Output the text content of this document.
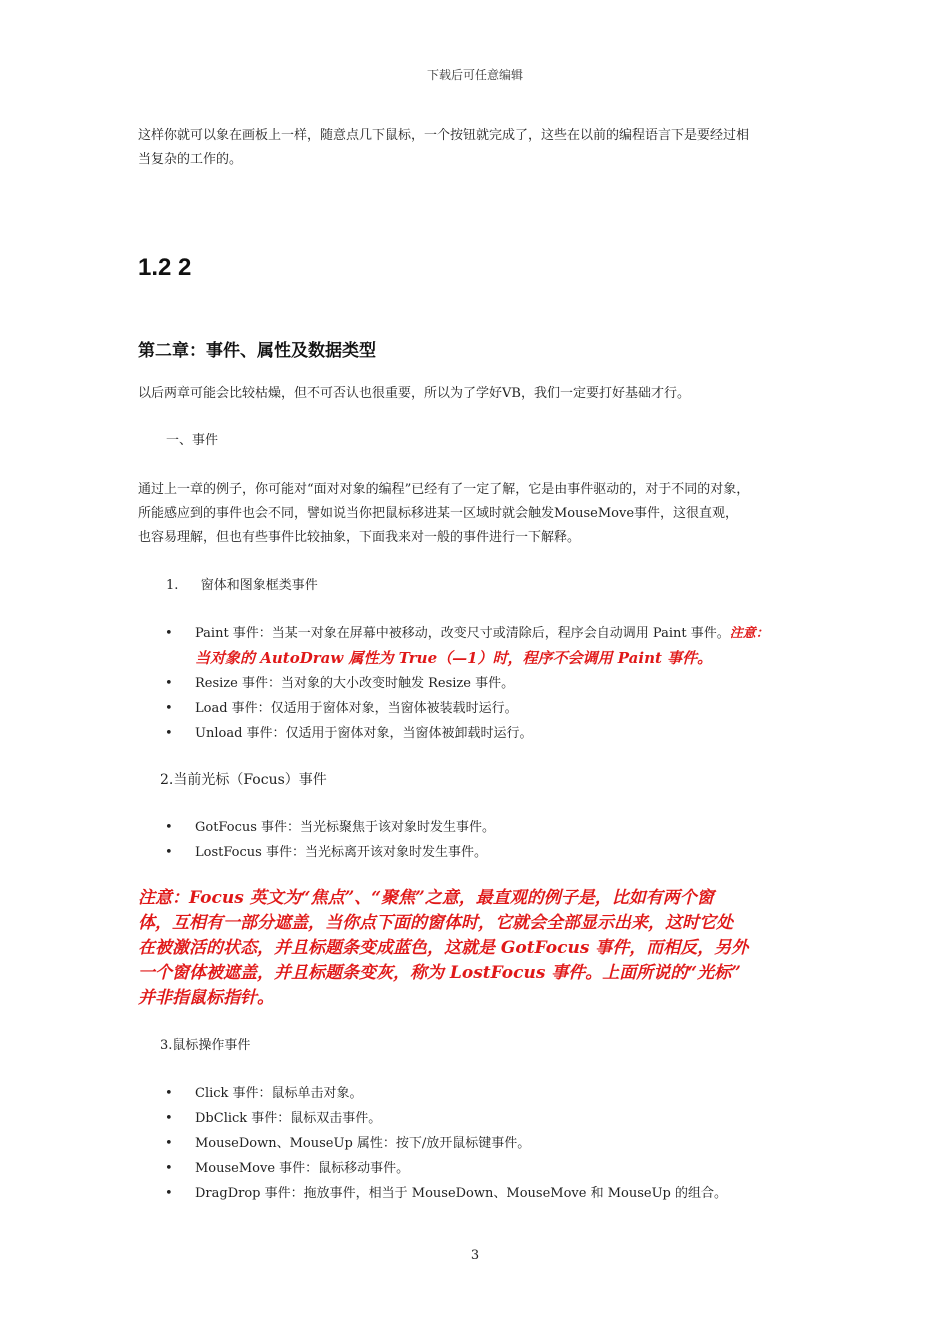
下载后可任意编辑
这样你就可以象在画板上一样，随意点几下鼠标，一个按钮就完成了，这些在以前的编程语言下是要经过相
当复杂的工作的。
1.2 2
第二章：事件、属性及数据类型
以后两章可能会比较枯燥，但不可否认也很重要，所以为了学好VB，我们一定要打好基础才行。
一、事件
通过上一章的例子，你可能对“面对对象的编程”已经有了一定了解，它是由事件驱动的，对于不同的对象，
所能感应到的事件也会不同，譬如说当你把鼠标移进某一区域时就会触发MouseMove事件，这很直观，
也容易理解，但也有些事件比较抽象，下面我来对一般的事件进行一下解释。
1. 窗体和图象框类事件
• Paint 事件：当某一对象在屏幕中被移动，改变尺寸或清除后，程序会自动调用 Paint 事件。注意：
当对象的 AutoDraw 属性为 True（—1）时，程序不会调用 Paint 事件。
• Resize 事件：当对象的大小改变时触发 Resize 事件。
• Load 事件：仅适用于窗体对象，当窗体被装载时运行。
• Unload 事件：仅适用于窗体对象，当窗体被卸载时运行。
2.当前光标（Focus）事件
• GotFocus 事件：当光标聚焦于该对象时发生事件。
• LostFocus 事件：当光标离开该对象时发生事件。
注意：Focus 英文为“焦点”、“聚焦”之意，最直观的例子是，比如有两个窗
体，互相有一部分遮盖，当你点下面的窗体时，它就会全部显示出来，这时它处
在被激活的状态，并且标题条变成蓝色，这就是 GotFocus 事件，而相反，另外
一个窗体被遮盖，并且标题条变灰，称为 LostFocus 事件。上面所说的“光标”
并非指鼠标指针。
3.鼠标操作事件
• Click 事件：鼠标单击对象。
• DbClick 事件：鼠标双击事件。
• MouseDown、MouseUp 属性：按下/放开鼠标键事件。
• MouseMove 事件：鼠标移动事件。
• DragDrop 事件：拖放事件，相当于 MouseDown、MouseMove 和 MouseUp 的组合。
3
